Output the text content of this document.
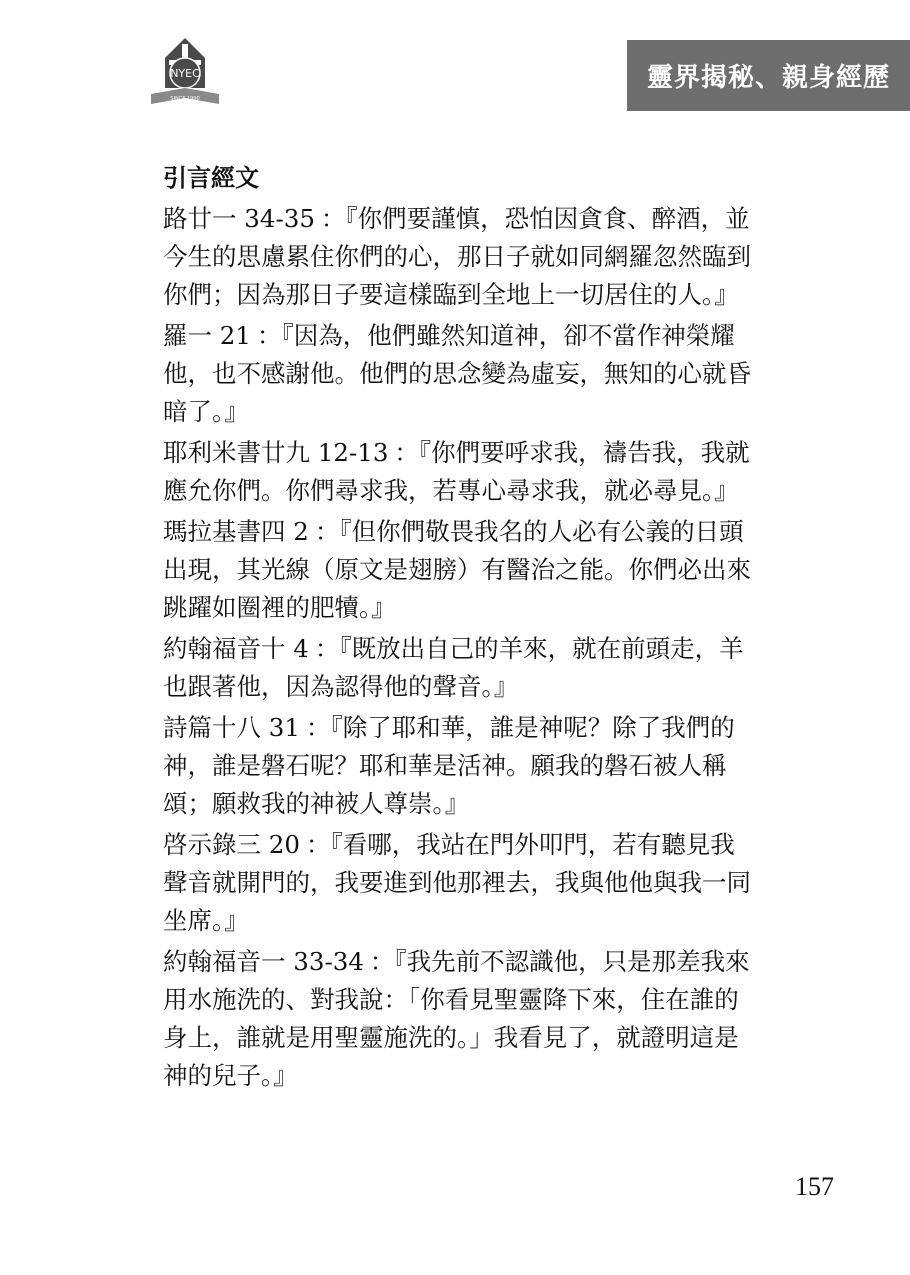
NYEC
SINCE 1990
靈界揭秘、親身經歷
引言經文

路廿一 34-35 ：『你們要謹慎，恐怕因貪食、醉酒，並今生的思慮累住你們的心，那日子就如同網羅忽然臨到你們；因為那日子要這樣臨到全地上一切居住的人。』

羅一 21 ：『因為，他們雖然知道神，卻不當作神榮耀他，也不感謝他。他們的思念變為虛妄，無知的心就昏暗了。』

耶利米書廿九 12-13 ：『你們要呼求我，禱告我，我就應允你們。你們尋求我，若專心尋求我，就必尋見。』

瑪拉基書四 2 ：『但你們敬畏我名的人必有公義的日頭出現，其光線（原文是翅膀）有醫治之能。你們必出來跳躍如圈裡的肥犢。』

約翰福音十 4 ：『既放出自己的羊來，就在前頭走，羊也跟著他，因為認得他的聲音。』

詩篇十八 31 ：『除了耶和華，誰是神呢？除了我們的神，誰是磐石呢？耶和華是活神。願我的磐石被人稱頌；願救我的神被人尊崇。』

啓示錄三 20 ：『看哪，我站在門外叩門，若有聽見我聲音就開門的，我要進到他那裡去，我與他他與我一同坐席。』

約翰福音一 33-34 ：『我先前不認識他，只是那差我來用水施洗的、對我說：「你看見聖靈降下來，住在誰的身上，誰就是用聖靈施洗的。」我看見了，就證明這是神的兒子。』

157
